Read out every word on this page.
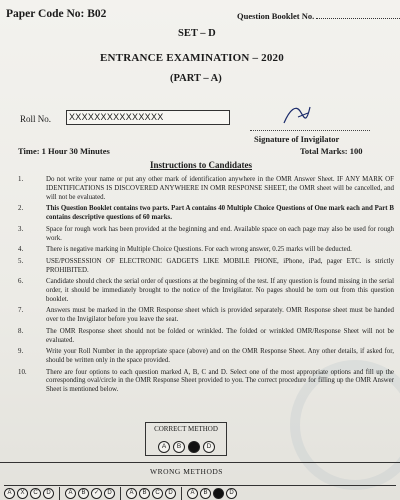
Paper Code No: B02	Question Booklet No.
SET – D
ENTRANCE EXAMINATION – 2020
(PART – A)
Roll No.	XXXXXXXXXXXXXXX
Signature of Invigilator
Time: 1 Hour 30 Minutes	Total Marks: 100
Instructions to Candidates
1.	Do not write your name or put any other mark of identification anywhere in the OMR Answer Sheet. IF ANY MARK OF IDENTIFICATIONS IS DISCOVERED ANYWHERE IN OMR RESPONSE SHEET, the OMR sheet will be cancelled, and will not be evaluated.
2.	This Question Booklet contains two parts. Part A contains 40 Multiple Choice Questions of One mark each and Part B contains descriptive questions of 60 marks.
3.	Space for rough work has been provided at the beginning and end. Available space on each page may also be used for rough work.
4.	There is negative marking in Multiple Choice Questions. For each wrong answer, 0.25 marks will be deducted.
5.	USE/POSSESSION OF ELECTRONIC GADGETS LIKE MOBILE PHONE, iPhone, iPad, pager ETC. is strictly PROHIBITED.
6.	Candidate should check the serial order of questions at the beginning of the test. If any question is found missing in the serial order, it should be immediately brought to the notice of the Invigilator. No pages should be torn out from this question booklet.
7.	Answers must be marked in the OMR Response sheet which is provided separately. OMR Response sheet must be handed over to the Invigilator before you leave the seat.
8.	The OMR Response sheet should not be folded or wrinkled. The folded or wrinkled OMR/Response Sheet will not be evaluated.
9.	Write your Roll Number in the appropriate space (above) and on the OMR Response Sheet. Any other details, if asked for, should be written only in the space provided.
10.	There are four options to each question marked A, B, C and D. Select one of the most appropriate options and fill up the corresponding oval/circle in the OMR Response Sheet provided to you. The correct procedure for filling up the OMR Answer Sheet is mentioned below.
CORRECT METHOD
A	B	C	D
WRONG METHODS
A	X	C	D	A	B	✓	D	A	B	C	D	A	B	C	D
